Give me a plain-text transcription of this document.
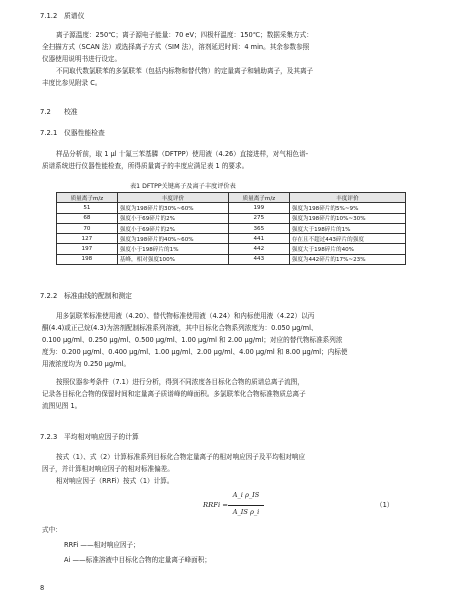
7.1.2 质谱仪
离子源温度：250℃；离子源电子能量：70 eV；四极杆温度：150℃；数据采集方式：
全扫描方式（SCAN 法）或选择离子方式（SIM 法），溶剂延迟时间：4 min。其余参数参照
仪器使用说明书进行设定。
不同取代数氯联苯的多氯联苯（包括内标物和替代物）的定量离子和辅助离子，及其离子
丰度比参见附录 C。
7.2 校准
7.2.1 仪器性能检查
样品分析前，取 1 μl 十氟三苯基膦（DFTPP）使用液（4.26）直接进样，对气相色谱-
质谱系统进行仪器性能检查，所得质量离子的丰度应满足表 1 的要求。
表1 DFTPP关键离子及离子丰度评价表
质量离子m/z	丰度评价	质量离子m/z	丰度评价
51	强度为198碎片的30%~60%	199	强度为198碎片的5%~9%
68	强度小于69碎片的2%	275	强度为198碎片的10%~30%
70	强度小于69碎片的2%	365	强度大于198碎片的1%
127	强度为198碎片的40%~60%	441	存在且不超过443碎片的强度
197	强度小于198碎片的1%	442	强度大于198碎片的40%
198	基峰，相对强度100%	443	强度为442碎片的17%~23%
7.2.2 标准曲线的配制和测定
用多氯联苯标准使用液（4.20）、替代物标准使用液（4.24）和内标使用液（4.22）以丙
酮(4.4)或正己烷(4.3)为溶剂配制标准系列溶液，其中目标化合物系列浓度为：0.050 μg/ml、
0.100 μg/ml、0.250 μg/ml、0.500 μg/ml、1.00 μg/ml 和 2.00 μg/ml；对应的替代物标准系列浓
度为：0.200 μg/ml、0.400 μg/ml、1.00 μg/ml、2.00 μg/ml、4.00 μg/ml 和 8.00 μg/ml；内标使
用液浓度均为 0.250 μg/ml。
按照仪器参考条件（7.1）进行分析，得到不同浓度各目标化合物的质谱总离子流图，
记录各目标化合物的保留时间和定量离子质谱峰的峰面积。多氯联苯化合物标准物质总离子
流图见图 1。
7.2.3 平均相对响应因子的计算
按式（1）、式（2）计算标准系列目标化合物定量离子的相对响应因子及平均相对响应
因子，并计算相对响应因子的相对标准偏差。
相对响应因子（RRFi）按式（1）计算。
RRFi =
A_i ρ_IS
A_IS ρ_i
（1）
式中：
RRFi ——相对响应因子；
Ai ——标准溶液中目标化合物的定量离子峰面积；
8
